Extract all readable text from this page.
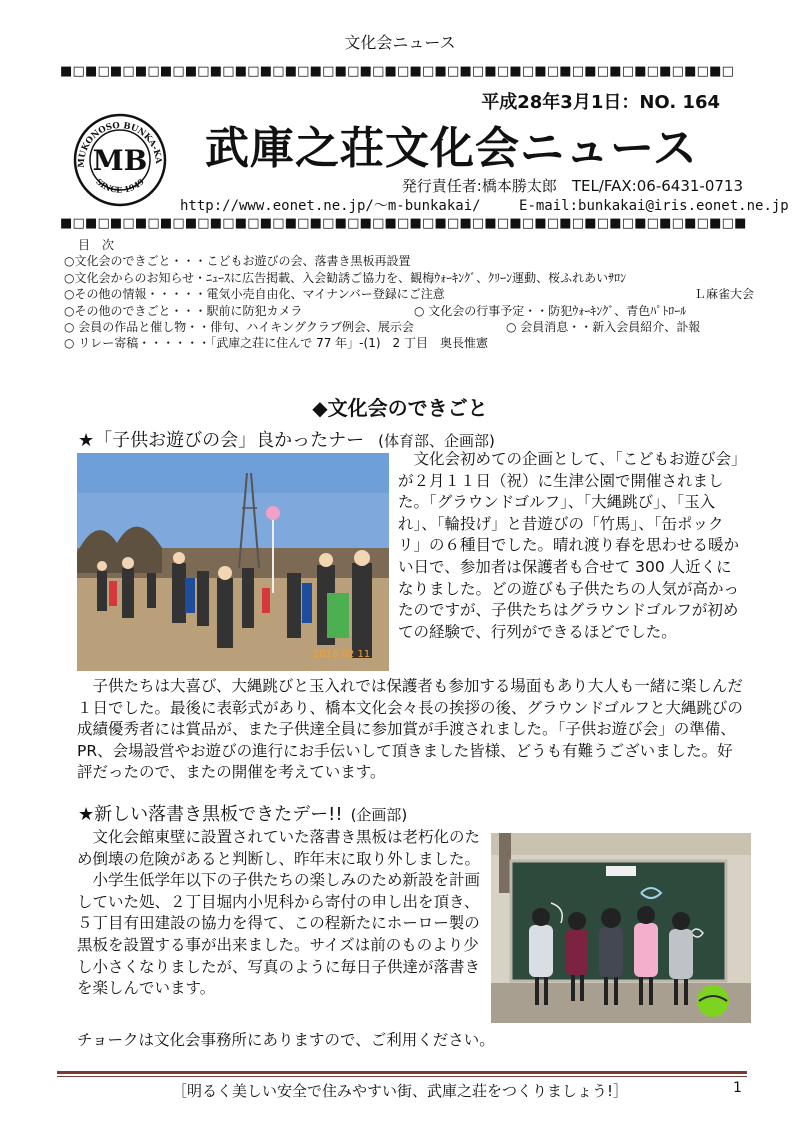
文化会ニュース
■□■□■□■□■□■□■□■□■□■□■□■□■□■□■□■□■□■□■□■□■□■□■□■□■□■□■□
平成28年3月1日：NO. 164
MUKONOSO BUNKA-KA
SINCE 1949
MB 武庫之荘文化会ニュース
発行責任者:橋本勝太郎　TEL/FAX:06-6431-0713
http://www.eonet.ne.jp/～m-bunkakai/	E-mail:bunkakai@iris.eonet.ne.jp
■□■□■□■□■□■□■□■□■□■□■□■□■□■□■□■□■□■□■□■□■□■□■□■□■□■□■□■
目　次
○文化会のできごと・・・こどもお遊びの会、落書き黒板再設置
○文化会からのお知らせ・ﾆｭｰｽに広告掲載、入会勧誘ご協力を、観梅ｳｫｰｷﾝｸﾞ、ｸﾘｰﾝ運動、桜ふれあいｻﾛﾝ
○その他の情報・・・・・電気小売自由化、マイナンバー登録にご注意	Ｌ麻雀大会
○その他のできごと・・・駅前に防犯カメラ	○ 文化会の行事予定・・防犯ｳｫｰｷﾝｸﾞ、青色ﾊﾟﾄﾛｰﾙ
○ 会員の作品と催し物・・俳句、ハイキングクラブ例会、展示会	○ 会員消息・・新入会員紹介、訃報
○ リレー寄稿・・・・・・「武庫之荘に住んで 77 年」-(1)　2 丁目　奥長惟憲
◆文化会のできごと
★「子供お遊びの会」良かったナー (体育部、企画部)
2016 02 11
　文化会初めての企画として、「こどもお遊び会」が２月１１日（祝）に生津公園で開催されました。「グラウンドゴルフ」、「大縄跳び」、「玉入れ」、「輪投げ」と昔遊びの「竹馬」、「缶ポックリ」の６種目でした。晴れ渡り春を思わせる暖かい日で、参加者は保護者も合せて 300 人近くになりました。どの遊びも子供たちの人気が高かったのですが、子供たちはグラウンドゴルフが初めての経験で、行列ができるほどでした。
　子供たちは大喜び、大縄跳びと玉入れでは保護者も参加する場面もあり大人も一緒に楽しんだ１日でした。最後に表彰式があり、橋本文化会々長の挨拶の後、グラウンドゴルフと大縄跳びの成績優秀者には賞品が、また子供達全員に参加賞が手渡されました。「子供お遊び会」の準備、PR、会場設営やお遊びの進行にお手伝いして頂きました皆様、どうも有難うございました。好評だったので、またの開催を考えています。
★新しい落書き黒板できたデー!! (企画部)
　文化会館東壁に設置されていた落書き黒板は老朽化のため倒壊の危険があると判断し、昨年末に取り外しました。
　小学生低学年以下の子供たちの楽しみのため新設を計画していた処、２丁目堀内小児科から寄付の申し出を頂き、５丁目有田建設の協力を得て、この程新たにホーロー製の黒板を設置する事が出来ました。サイズは前のものより少し小さくなりましたが、写真のように毎日子供達が落書きを楽しんでいます。
チョークは文化会事務所にありますので、ご利用ください。
［明るく美しい安全で住みやすい街、武庫之荘をつくりましょう!］	1
